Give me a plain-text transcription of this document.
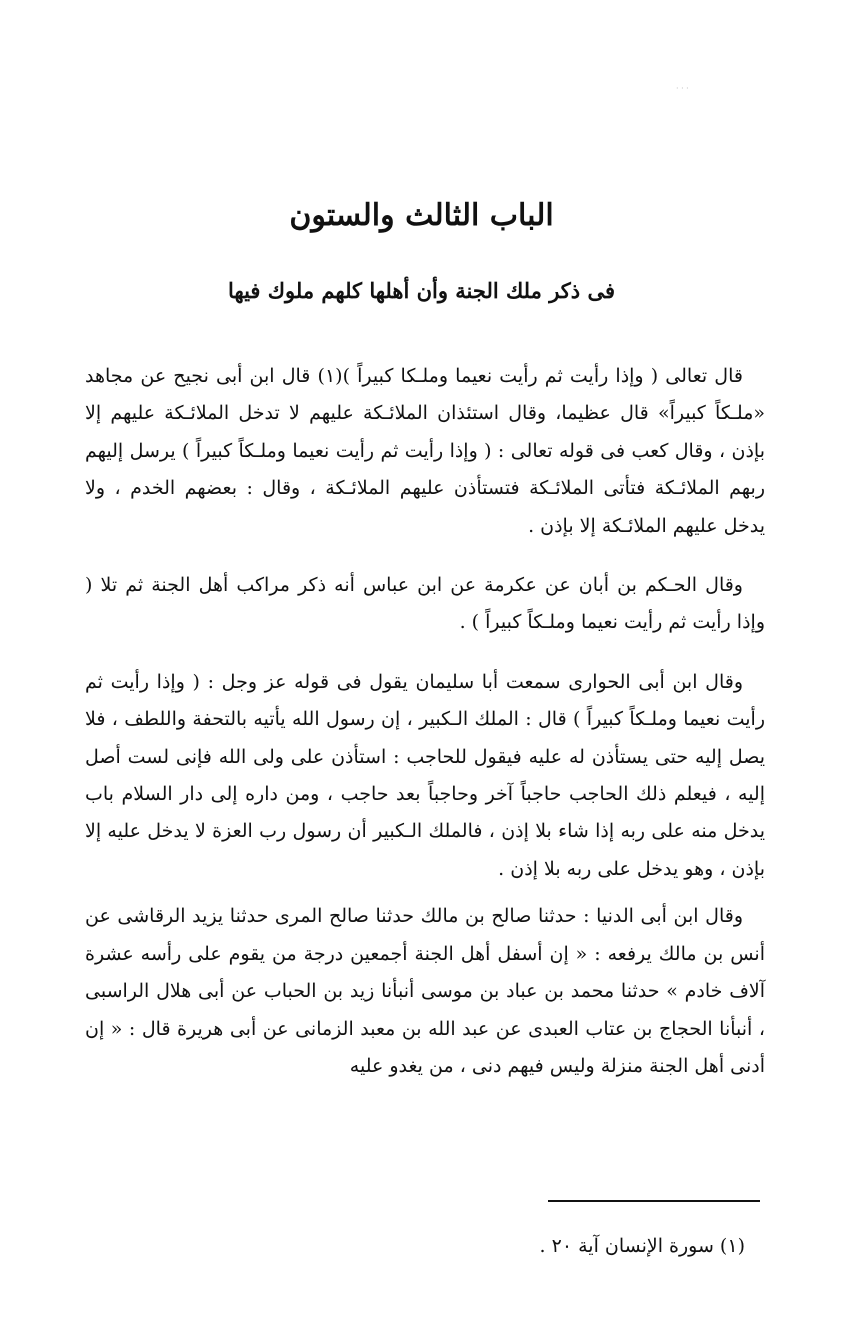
· · ·
الباب الثالث والستون
فى ذكر ملك الجنة وأن أهلها كلهم ملوك فيها

قال تعالى ( وإذا رأيت ثم رأيت نعيما وملـكا كبيراً )(١) قال ابن أبى نجيح عن مجاهد «ملـكاً كبيراً» قال عظيما، وقال استئذان الملائـكة عليهم لا تدخل الملائـكة عليهم إلا بإذن ، وقال كعب فى قوله تعالى : ( وإذا رأيت ثم رأيت نعيما وملـكاً كبيراً ) يرسل إليهم ربهم الملائـكة فتأتى الملائـكة فتستأذن عليهم الملائـكة ، وقال : بعضهم الخدم ، ولا يدخل عليهم الملائـكة إلا بإذن .

وقال الحـكم بن أبان عن عكرمة عن ابن عباس أنه ذكر مراكب أهل الجنة ثم تلا ( وإذا رأيت ثم رأيت نعيما وملـكاً كبيراً ) .

وقال ابن أبى الحوارى سمعت أبا سليمان يقول فى قوله عز وجل : ( وإذا رأيت ثم رأيت نعيما وملـكاً كبيراً ) قال : الملك الـكبير ، إن رسول الله يأتيه بالتحفة واللطف ، فلا يصل إليه حتى يستأذن له عليه فيقول للحاجب : استأذن على ولى الله فإنى لست أصل إليه ، فيعلم ذلك الحاجب حاجباً آخر وحاجباً بعد حاجب ، ومن داره إلى دار السلام باب يدخل منه على ربه إذا شاء بلا إذن ، فالملك الـكبير أن رسول رب العزة لا يدخل عليه إلا بإذن ، وهو يدخل على ربه بلا إذن .

وقال ابن أبى الدنيا : حدثنا صالح بن مالك حدثنا صالح المرى حدثنا يزيد الرقاشى عن أنس بن مالك يرفعه : « إن أسفل أهل الجنة أجمعين درجة من يقوم على رأسه عشرة آلاف خادم » حدثنا محمد بن عباد بن موسى أنبأنا زيد بن الحباب عن أبى هلال الراسبى ، أنبأنا الحجاج بن عتاب العبدى عن عبد الله بن معبد الزمانى عن أبى هريرة قال : « إن أدنى أهل الجنة منزلة وليس فيهم دنى ، من يغدو عليه

(١) سورة الإنسان آية ٢٠ .
